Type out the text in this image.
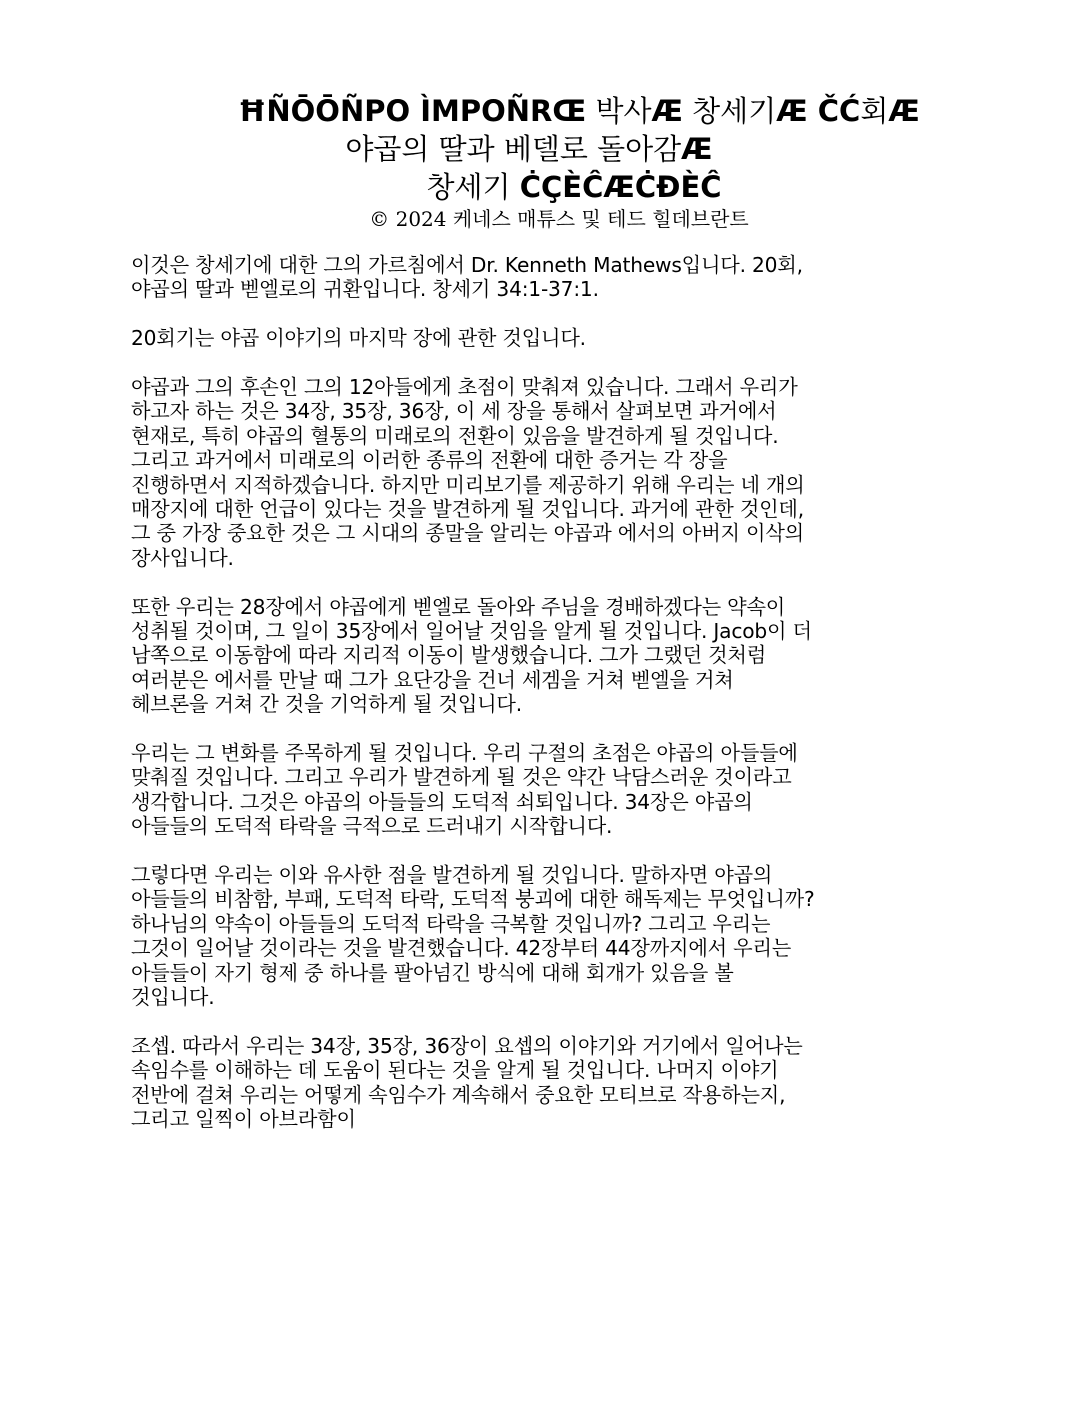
ĦÑŌŌÑPO ÌMPOÑRŒ 박사Æ 창세기Æ ČĆ회Æ
야곱의 딸과 베델로 돌아감Æ
창세기 ĊÇÈĈÆĊĐÈĈ
© 2024 케네스 매튜스 및 테드 힐데브란트

이것은 창세기에 대한 그의 가르침에서 Dr. Kenneth Mathews입니다. 20회,
야곱의 딸과 벧엘로의 귀환입니다. 창세기 34:1-37:1.

20회기는 야곱 이야기의 마지막 장에 관한 것입니다.

야곱과 그의 후손인 그의 12아들에게 초점이 맞춰져 있습니다. 그래서 우리가
하고자 하는 것은 34장, 35장, 36장, 이 세 장을 통해서 살펴보면 과거에서
현재로, 특히 야곱의 혈통의 미래로의 전환이 있음을 발견하게 될 것입니다.
그리고 과거에서 미래로의 이러한 종류의 전환에 대한 증거는 각 장을
진행하면서 지적하겠습니다. 하지만 미리보기를 제공하기 위해 우리는 네 개의
매장지에 대한 언급이 있다는 것을 발견하게 될 것입니다. 과거에 관한 것인데,
그 중 가장 중요한 것은 그 시대의 종말을 알리는 야곱과 에서의 아버지 이삭의
장사입니다.

또한 우리는 28장에서 야곱에게 벧엘로 돌아와 주님을 경배하겠다는 약속이
성취될 것이며, 그 일이 35장에서 일어날 것임을 알게 될 것입니다. Jacob이 더
남쪽으로 이동함에 따라 지리적 이동이 발생했습니다. 그가 그랬던 것처럼
여러분은 에서를 만날 때 그가 요단강을 건너 세겜을 거쳐 벧엘을 거쳐
헤브론을 거쳐 간 것을 기억하게 될 것입니다.

우리는 그 변화를 주목하게 될 것입니다. 우리 구절의 초점은 야곱의 아들들에
맞춰질 것입니다. 그리고 우리가 발견하게 될 것은 약간 낙담스러운 것이라고
생각합니다. 그것은 야곱의 아들들의 도덕적 쇠퇴입니다. 34장은 야곱의
아들들의 도덕적 타락을 극적으로 드러내기 시작합니다.

그렇다면 우리는 이와 유사한 점을 발견하게 될 것입니다. 말하자면 야곱의
아들들의 비참함, 부패, 도덕적 타락, 도덕적 붕괴에 대한 해독제는 무엇입니까?
하나님의 약속이 아들들의 도덕적 타락을 극복할 것입니까? 그리고 우리는
그것이 일어날 것이라는 것을 발견했습니다. 42장부터 44장까지에서 우리는
아들들이 자기 형제 중 하나를 팔아넘긴 방식에 대해 회개가 있음을 볼
것입니다.

조셉. 따라서 우리는 34장, 35장, 36장이 요셉의 이야기와 거기에서 일어나는
속임수를 이해하는 데 도움이 된다는 것을 알게 될 것입니다. 나머지 이야기
전반에 걸쳐 우리는 어떻게 속임수가 계속해서 중요한 모티브로 작용하는지,
그리고 일찍이 아브라함이
